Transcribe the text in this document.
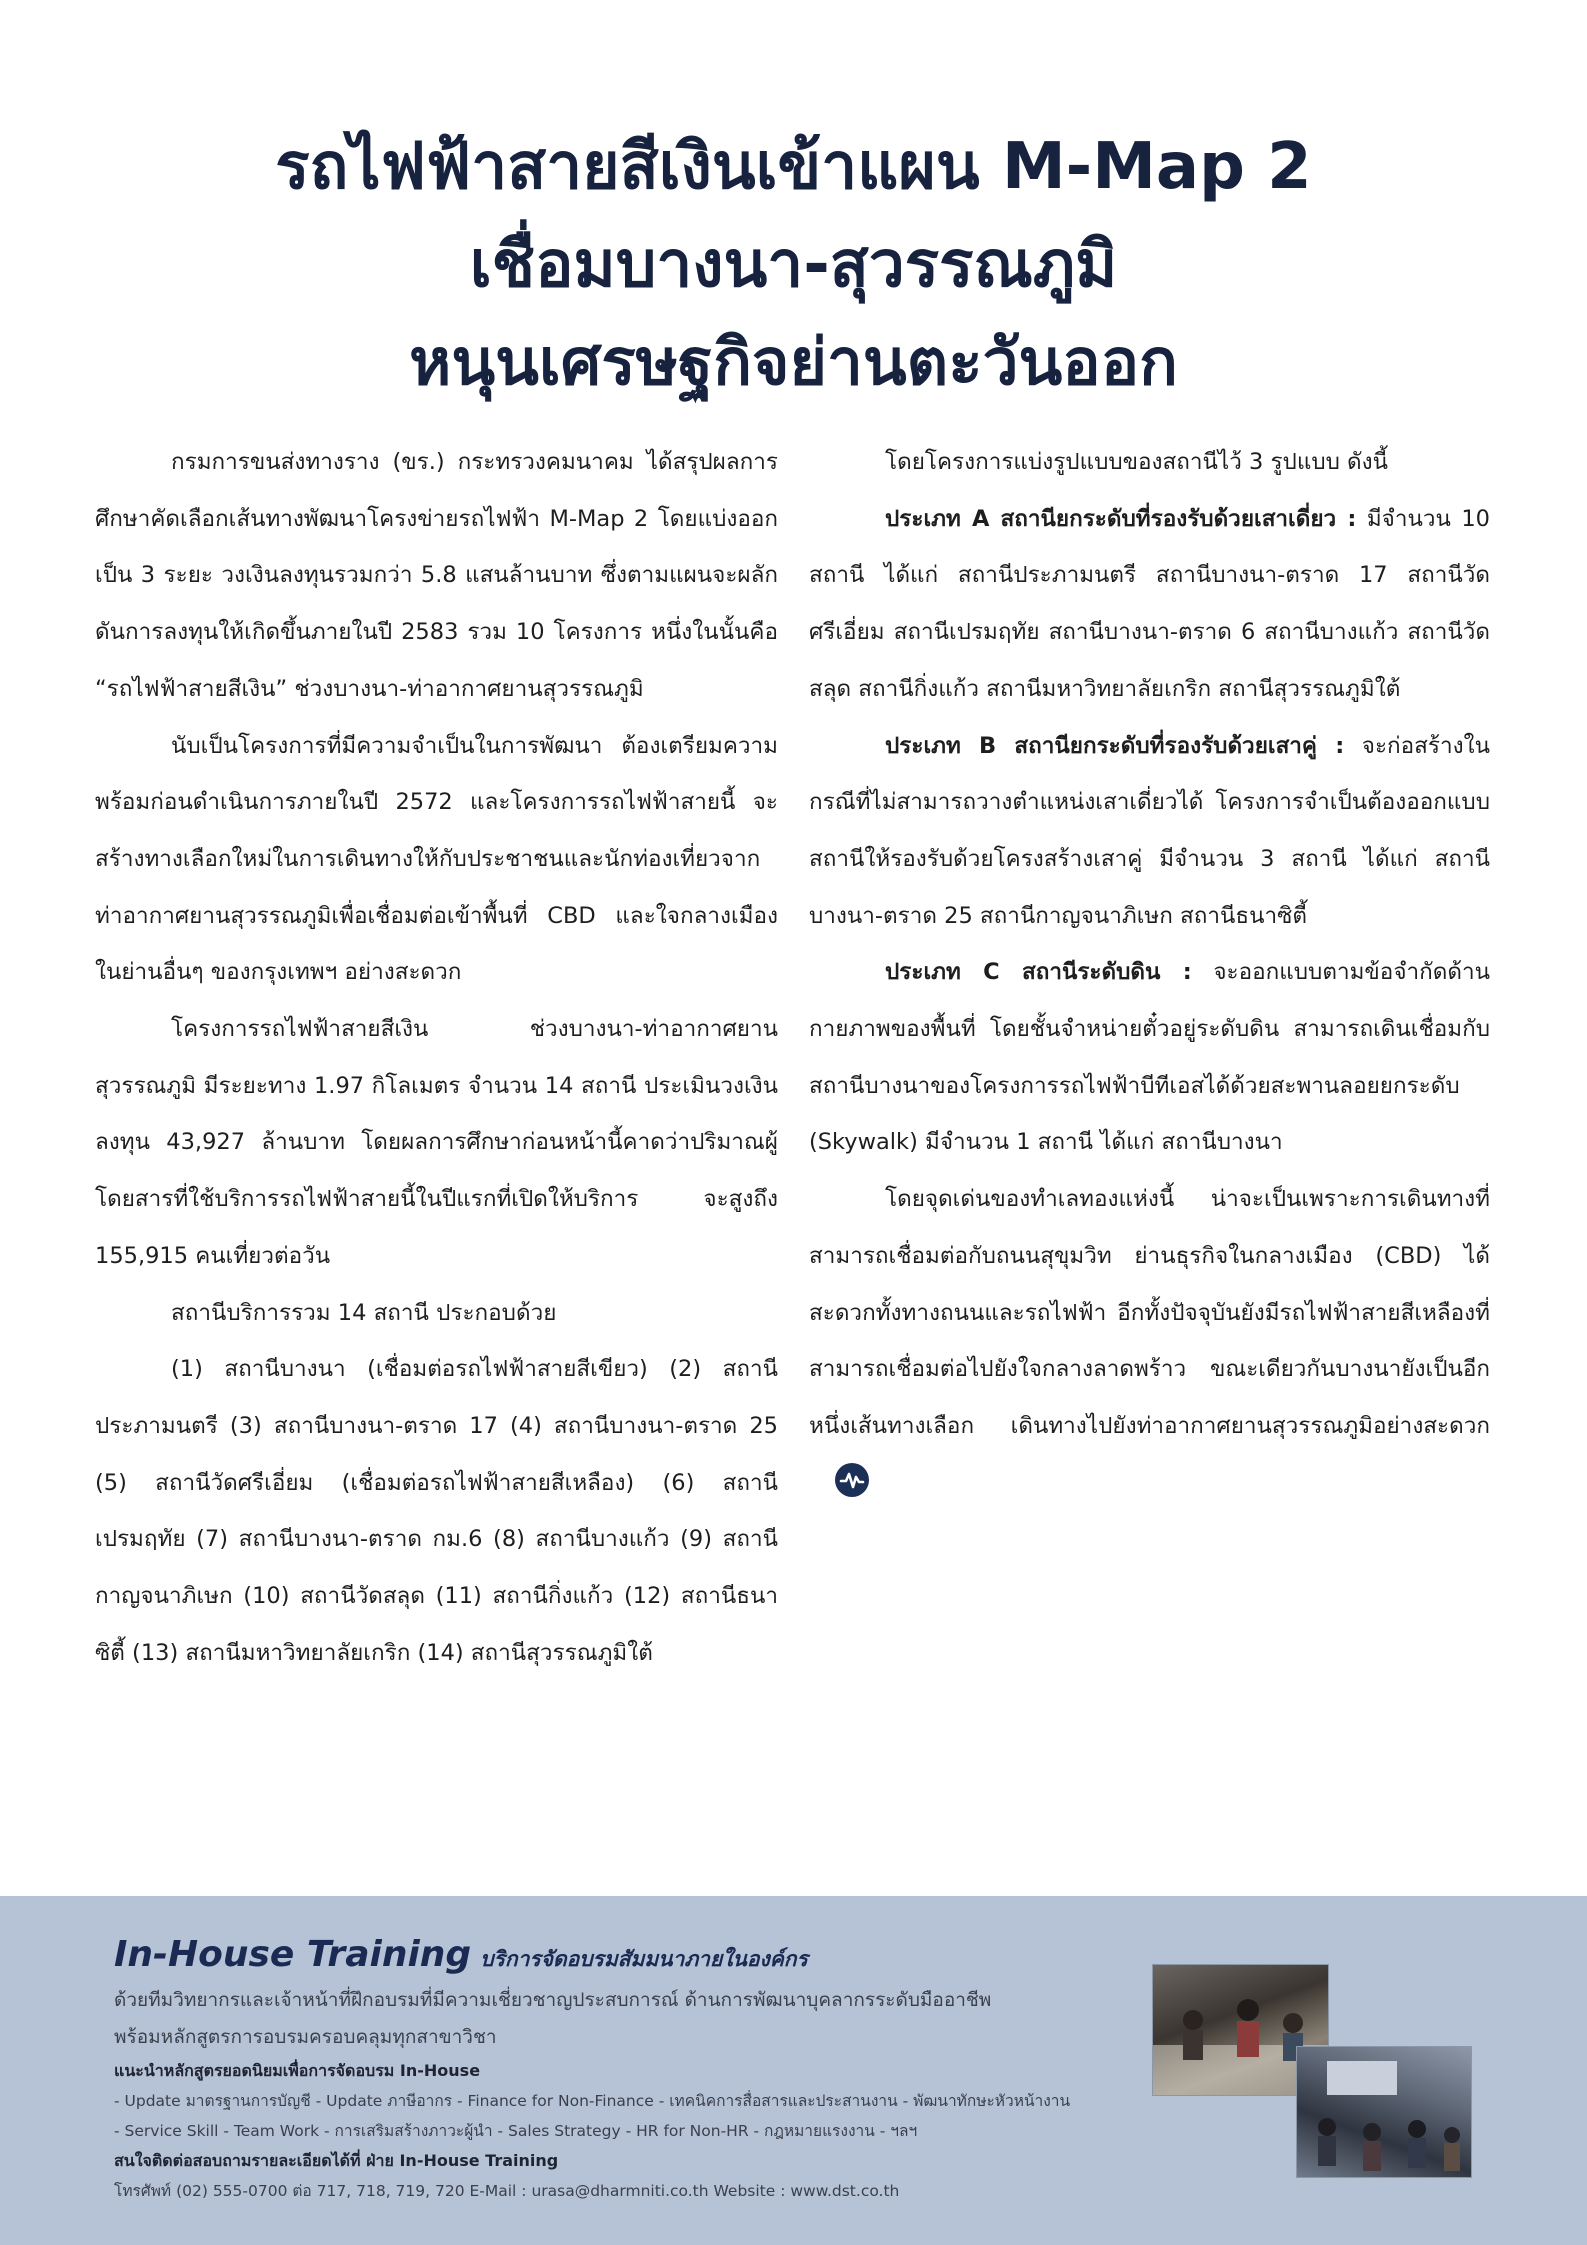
รถไฟฟ้าสายสีเงินเข้าแผน M-Map 2
เชื่อมบางนา-สุวรรณภูมิ
หนุนเศรษฐกิจย่านตะวันออก

กรมการขนส่งทางราง (ขร.) กระทรวงคมนาคม ได้สรุปผลการศึกษาคัดเลือกเส้นทางพัฒนาโครงข่ายรถไฟฟ้า M-Map 2 โดยแบ่งออกเป็น 3 ระยะ วงเงินลงทุนรวมกว่า 5.8 แสนล้านบาท ซึ่งตามแผนจะผลักดันการลงทุนให้เกิดขึ้นภายในปี 2583 รวม 10 โครงการ หนึ่งในนั้นคือ “รถไฟฟ้าสายสีเงิน” ช่วงบางนา-ท่าอากาศยานสุวรรณภูมิ

นับเป็นโครงการที่มีความจำเป็นในการพัฒนา ต้องเตรียมความพร้อมก่อนดำเนินการภายในปี 2572 และโครงการรถไฟฟ้าสายนี้ จะสร้างทางเลือกใหม่ในการเดินทางให้กับประชาชนและนักท่องเที่ยวจากท่าอากาศยานสุวรรณภูมิเพื่อเชื่อมต่อเข้าพื้นที่ CBD และใจกลางเมืองในย่านอื่นๆ ของกรุงเทพฯ อย่างสะดวก

โครงการรถไฟฟ้าสายสีเงิน ช่วงบางนา-ท่าอากาศยานสุวรรณภูมิ มีระยะทาง 1.97 กิโลเมตร จำนวน 14 สถานี ประเมินวงเงินลงทุน 43,927 ล้านบาท โดยผลการศึกษาก่อนหน้านี้คาดว่าปริมาณผู้โดยสารที่ใช้บริการรถไฟฟ้าสายนี้ในปีแรกที่เปิดให้บริการ จะสูงถึง 155,915 คนเที่ยวต่อวัน

สถานีบริการรวม 14 สถานี ประกอบด้วย

(1) สถานีบางนา (เชื่อมต่อรถไฟฟ้าสายสีเขียว) (2) สถานีประภามนตรี (3) สถานีบางนา-ตราด 17 (4) สถานีบางนา-ตราด 25 (5) สถานีวัดศรีเอี่ยม (เชื่อมต่อรถไฟฟ้าสายสีเหลือง) (6) สถานีเปรมฤทัย (7) สถานีบางนา-ตราด กม.6 (8) สถานีบางแก้ว (9) สถานีกาญจนาภิเษก (10) สถานีวัดสลุด (11) สถานีกิ่งแก้ว (12) สถานีธนาซิตี้ (13) สถานีมหาวิทยาลัยเกริก (14) สถานีสุวรรณภูมิใต้

โดยโครงการแบ่งรูปแบบของสถานีไว้ 3 รูปแบบ ดังนี้

ประเภท A สถานียกระดับที่รองรับด้วยเสาเดี่ยว : มีจำนวน 10 สถานี ได้แก่ สถานีประภามนตรี สถานีบางนา-ตราด 17 สถานีวัดศรีเอี่ยม สถานีเปรมฤทัย สถานีบางนา-ตราด 6 สถานีบางแก้ว สถานีวัดสลุด สถานีกิ่งแก้ว สถานีมหาวิทยาลัยเกริก สถานีสุวรรณภูมิใต้

ประเภท B สถานียกระดับที่รองรับด้วยเสาคู่ : จะก่อสร้างในกรณีที่ไม่สามารถวางตำแหน่งเสาเดี่ยวได้ โครงการจำเป็นต้องออกแบบสถานีให้รองรับด้วยโครงสร้างเสาคู่ มีจำนวน 3 สถานี ได้แก่ สถานีบางนา-ตราด 25 สถานีกาญจนาภิเษก สถานีธนาซิตี้

ประเภท C สถานีระดับดิน : จะออกแบบตามข้อจำกัดด้านกายภาพของพื้นที่ โดยชั้นจำหน่ายตั๋วอยู่ระดับดิน สามารถเดินเชื่อมกับสถานีบางนาของโครงการรถไฟฟ้าบีทีเอสได้ด้วยสะพานลอยยกระดับ (Skywalk) มีจำนวน 1 สถานี ได้แก่ สถานีบางนา

โดยจุดเด่นของทำเลทองแห่งนี้ น่าจะเป็นเพราะการเดินทางที่สามารถเชื่อมต่อกับถนนสุขุมวิท ย่านธุรกิจในกลางเมือง (CBD) ได้สะดวกทั้งทางถนนและรถไฟฟ้า อีกทั้งปัจจุบันยังมีรถไฟฟ้าสายสีเหลืองที่สามารถเชื่อมต่อไปยังใจกลางลาดพร้าว ขณะเดียวกันบางนายังเป็นอีกหนึ่งเส้นทางเลือก เดินทางไปยังท่าอากาศยานสุวรรณภูมิอย่างสะดวก

In-House Training บริการจัดอบรมสัมมนาภายในองค์กร
ด้วยทีมวิทยากรและเจ้าหน้าที่ฝึกอบรมที่มีความเชี่ยวชาญประสบการณ์ ด้านการพัฒนาบุคลากรระดับมืออาชีพ
พร้อมหลักสูตรการอบรมครอบคลุมทุกสาขาวิชา
แนะนำหลักสูตรยอดนิยมเพื่อการจัดอบรม In-House
- Update มาตรฐานการบัญชี - Update ภาษีอากร - Finance for Non-Finance - เทคนิคการสื่อสารและประสานงาน - พัฒนาทักษะหัวหน้างาน
- Service Skill - Team Work - การเสริมสร้างภาวะผู้นำ - Sales Strategy - HR for Non-HR - กฎหมายแรงงาน - ฯลฯ
สนใจติดต่อสอบถามรายละเอียดได้ที่ ฝ่าย In-House Training
โทรศัพท์ (02) 555-0700 ต่อ 717, 718, 719, 720 E-Mail : urasa@dharmniti.co.th Website : www.dst.co.th
